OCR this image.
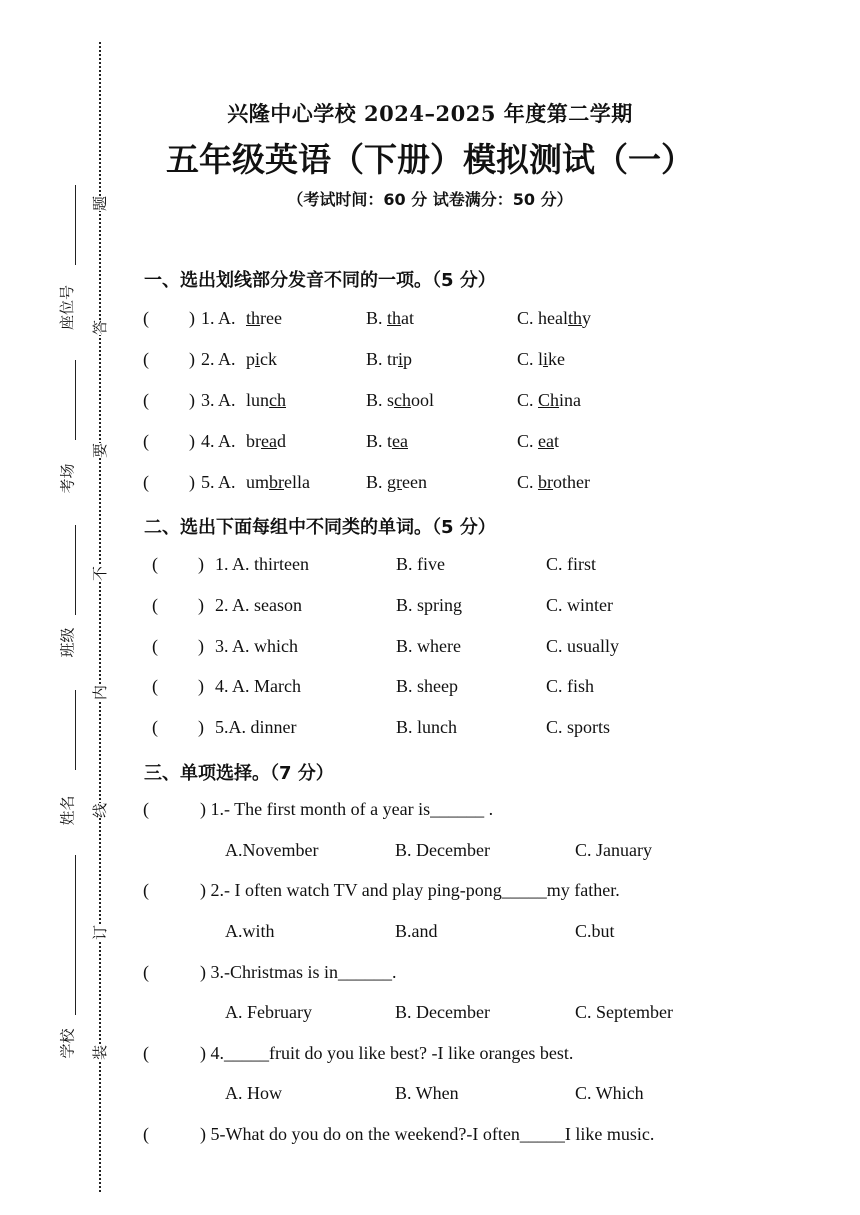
座位号
考场
班级
姓名
学校
题
答
要
不
内
线
订
装
兴隆中心学校 2024–2025 年度第二学期
五年级英语（下册）模拟测试（一）
（考试时间：60 分 试卷满分：50 分）
一、选出划线部分发音不同的一项。（5 分）
( ) 1. A. three	B. that	C. healthy
( ) 2. A. pick	B. trip	C. like
( ) 3. A. lunch	B. school	C. China
( ) 4. A. bread	B. tea	C. eat
( ) 5. A. umbrella	B. green	C. brother
二、选出下面每组中不同类的单词。（5 分）
( ) 1. A. thirteen	B. five	C. first
( ) 2. A. season	B. spring	C. winter
( ) 3. A. which	B. where	C. usually
( ) 4. A. March	B. sheep	C. fish
( ) 5.A. dinner	B. lunch	C. sports
三、单项选择。（7 分）
(	) 1.- The first month of a year is______ .
A.November	B. December	C. January
(	) 2.- I often watch TV and play ping-pong_____my father.
A.with	B.and	C.but
(	) 3.-Christmas is in______.
A. February	B. December	C. September
(	) 4._____fruit do you like best? -I like oranges best.
A. How	B. When	C. Which
(	) 5-What do you do on the weekend?-I often_____I like music.
